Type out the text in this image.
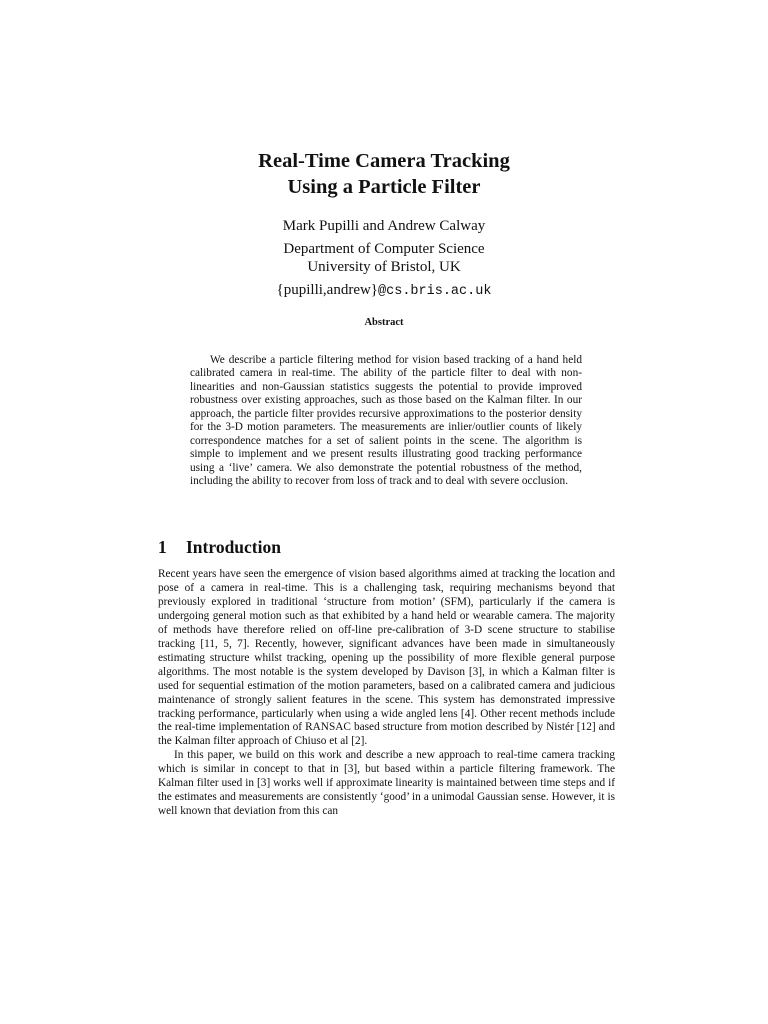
Real-Time Camera Tracking
Using a Particle Filter
Mark Pupilli and Andrew Calway
Department of Computer Science
University of Bristol, UK
{pupilli,andrew}@cs.bris.ac.uk
Abstract

We describe a particle filtering method for vision based tracking of a hand held calibrated camera in real-time. The ability of the particle filter to deal with non-linearities and non-Gaussian statistics suggests the potential to provide improved robustness over existing approaches, such as those based on the Kalman filter. In our approach, the particle filter provides recursive approximations to the posterior density for the 3-D motion parameters. The measurements are inlier/outlier counts of likely correspondence matches for a set of salient points in the scene. The algorithm is simple to implement and we present results illustrating good tracking performance using a ‘live’ camera. We also demonstrate the potential robustness of the method, including the ability to recover from loss of track and to deal with severe occlusion.

1 Introduction

Recent years have seen the emergence of vision based algorithms aimed at tracking the location and pose of a camera in real-time. This is a challenging task, requiring mechanisms beyond that previously explored in traditional ‘structure from motion’ (SFM), particularly if the camera is undergoing general motion such as that exhibited by a hand held or wearable camera. The majority of methods have therefore relied on off-line pre-calibration of 3-D scene structure to stabilise tracking [11, 5, 7]. Recently, however, significant advances have been made in simultaneously estimating structure whilst tracking, opening up the possibility of more flexible general purpose algorithms. The most notable is the system developed by Davison [3], in which a Kalman filter is used for sequential estimation of the motion parameters, based on a calibrated camera and judicious maintenance of strongly salient features in the scene. This system has demonstrated impressive tracking performance, particularly when using a wide angled lens [4]. Other recent methods include the real-time implementation of RANSAC based structure from motion described by Nistér [12] and the Kalman filter approach of Chiuso et al [2].

In this paper, we build on this work and describe a new approach to real-time camera tracking which is similar in concept to that in [3], but based within a particle filtering framework. The Kalman filter used in [3] works well if approximate linearity is maintained between time steps and if the estimates and measurements are consistently ‘good’ in a unimodal Gaussian sense. However, it is well known that deviation from this can
